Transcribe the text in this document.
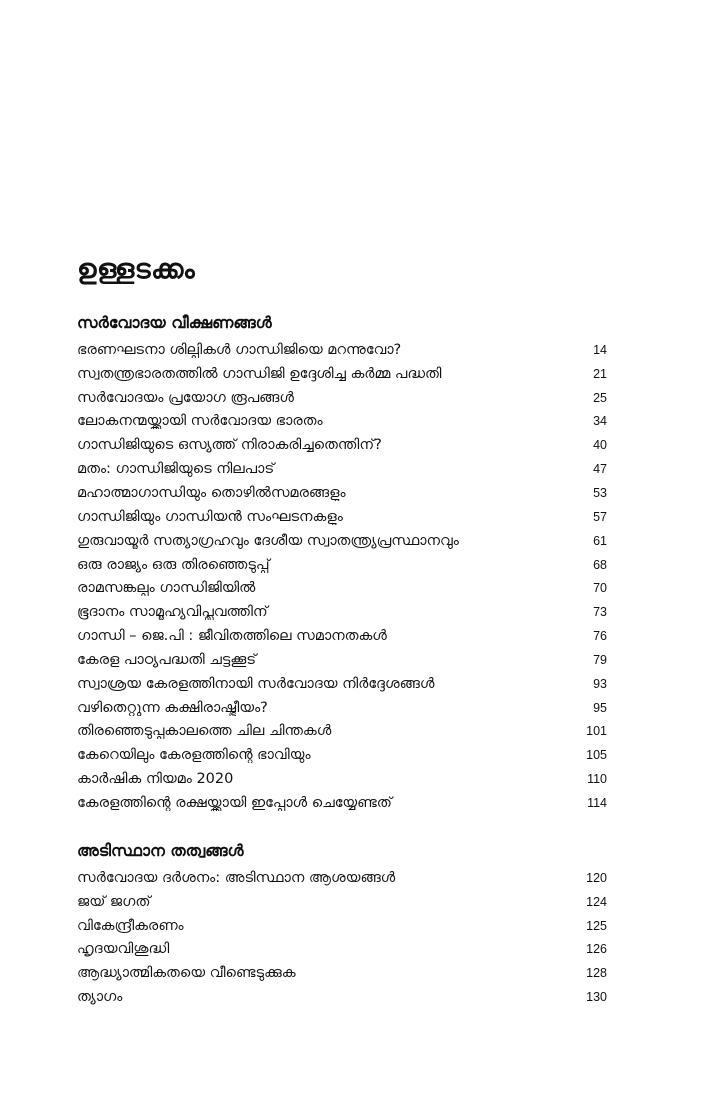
ഉള്ളടക്കം
സർവോദയ വീക്ഷണങ്ങൾ
ഭരണഘടനാ ശില്പികൾ ഗാന്ധിജിയെ മറന്നുവോ?	14
സ്വതന്ത്രഭാരതത്തിൽ ഗാന്ധിജി ഉദ്ദേശിച്ച കർമ്മ പദ്ധതി	21
സർവോദയം പ്രയോഗ രൂപങ്ങൾ	25
ലോകനന്മയ്ക്കായി സർവോദയ ഭാരതം	34
ഗാന്ധിജിയുടെ ഒസ്യത്ത് നിരാകരിച്ചതെന്തിന്?	40
മതം: ഗാന്ധിജിയുടെ നിലപാട്	47
മഹാത്മാഗാന്ധിയും തൊഴിൽസമരങ്ങളും	53
ഗാന്ധിജിയും ഗാന്ധിയൻ സംഘടനകളും	57
ഗുരുവായൂർ സത്യാഗ്രഹവും ദേശീയ സ്വാതന്ത്ര്യപ്രസ്ഥാനവും	61
ഒരു രാജ്യം ഒരു തിരഞ്ഞെടുപ്പ്	68
രാമസങ്കല്പം ഗാന്ധിജിയിൽ	70
ഭൂദാനം സാമൂഹ്യവിപ്ലവത്തിന്	73
ഗാന്ധി – ജെ.പി : ജീവിതത്തിലെ സമാനതകൾ	76
കേരള പാഠ്യപദ്ധതി ചട്ടക്കൂട്	79
സ്വാശ്രയ കേരളത്തിനായി സർവോദയ നിർദ്ദേശങ്ങൾ	93
വഴിതെറ്റുന്ന കക്ഷിരാഷ്ട്രീയം?	95
തിരഞ്ഞെടുപ്പുകാലത്തെ ചില ചിന്തകൾ	101
കേറെയിലും കേരളത്തിന്റെ ഭാവിയും	105
കാർഷിക നിയമം 2020	110
കേരളത്തിന്റെ രക്ഷയ്ക്കായി ഇപ്പോൾ ചെയ്യേണ്ടത്	114
അടിസ്ഥാന തത്വങ്ങൾ
സർവോദയ ദർശനം: അടിസ്ഥാന ആശയങ്ങൾ	120
ജയ് ജഗത്	124
വികേന്ദ്രീകരണം	125
ഹൃദയവിശുദ്ധി	126
ആദ്ധ്യാത്മികതയെ വീണ്ടെടുക്കുക	128
ത്യാഗം	130
